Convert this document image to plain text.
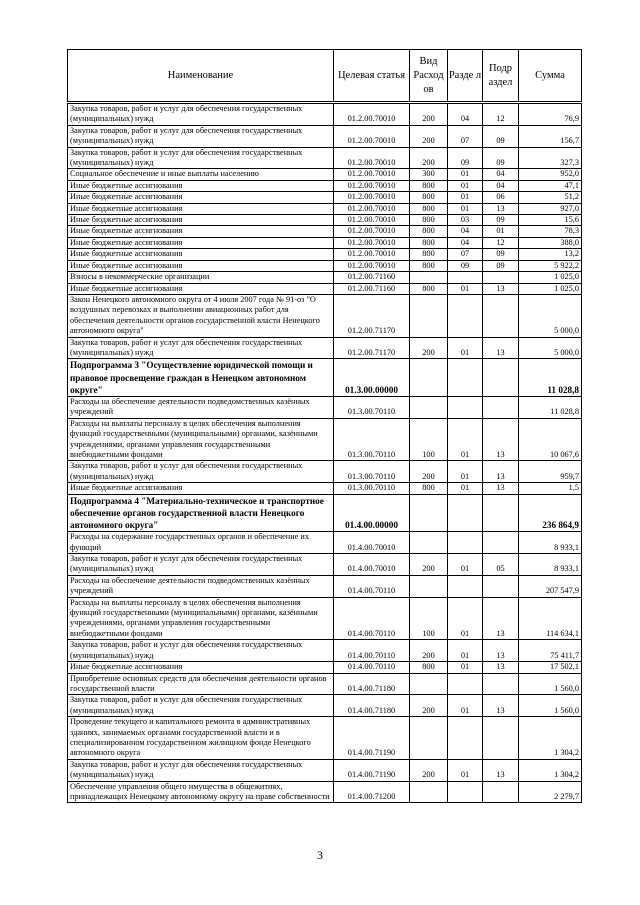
Наименование	Целевая статья	Вид Расход ов	Разде л	Подр аздел	Сумма
Закупка товаров, работ и услуг для обеспечения государственных (муниципальных) нужд	01.2.00.70010	200	04	12	76,9
Закупка товаров, работ и услуг для обеспечения государственных (муниципальных) нужд	01.2.00.70010	200	07	09	156,7
Закупка товаров, работ и услуг для обеспечения государственных (муниципальных) нужд	01.2.00.70010	200	09	09	327,3
Социальное обеспечение и иные выплаты населению	01.2.00.70010	300	01	04	952,0
Иные бюджетные ассигнования	01.2.00.70010	800	01	04	47,1
Иные бюджетные ассигнования	01.2.00.70010	800	01	06	51,2
Иные бюджетные ассигнования	01.2.00.70010	800	01	13	927,0
Иные бюджетные ассигнования	01.2.00.70010	800	03	09	15,6
Иные бюджетные ассигнования	01.2.00.70010	800	04	01	78,3
Иные бюджетные ассигнования	01.2.00.70010	800	04	12	388,0
Иные бюджетные ассигнования	01.2.00.70010	800	07	09	13,2
Иные бюджетные ассигнования	01.2.00.70010	800	09	09	5 922,2
Взносы в некоммерческие организации	01.2.00.71160				1 025,0
Иные бюджетные ассигнования	01.2.00.71160	800	01	13	1 025,0
Закон Ненецкого автономного округа от 4 июля 2007 года № 91-оз "О воздушных перевозках и выполнении авиационных работ для обеспечения деятельности органов государственной власти Ненецкого автономного округа"	01.2.00.71170				5 000,0
Закупка товаров, работ и услуг для обеспечения государственных (муниципальных) нужд	01.2.00.71170	200	01	13	5 000,0
Подпрограмма 3 "Осуществление юридической помощи и правовое просвещение граждан в Ненецком автономном округе"	01.3.00.00000				11 028,8
Расходы на обеспечение деятельности подведомственных казённых учреждений	01.3.00.70110				11 028,8
Расходы на выплаты персоналу в целях обеспечения выполнения функций государственными (муниципальными) органами, казёнными учреждениями, органами управления государственными внебюджетными фондами	01.3.00.70110	100	01	13	10 067,6
Закупка товаров, работ и услуг для обеспечения государственных (муниципальных) нужд	01.3.00.70110	200	01	13	959,7
Иные бюджетные ассигнования	01.3.00.70110	800	01	13	1,5
Подпрограмма 4 "Материально-техническое и транспортное обеспечение органов государственной власти Ненецкого автономного округа"	01.4.00.00000				236 864,9
Расходы на содержание государственных органов и обеспечение их функций	01.4.00.70010				8 933,1
Закупка товаров, работ и услуг для обеспечения государственных (муниципальных) нужд	01.4.00.70010	200	01	05	8 933,1
Расходы на обеспечение деятельности подведомственных казённых учреждений	01.4.00.70110				207 547,9
Расходы на выплаты персоналу в целях обеспечения выполнения функций государственными (муниципальными) органами, казёнными учреждениями, органами управления государственными внебюджетными фондами	01.4.00.70110	100	01	13	114 634,1
Закупка товаров, работ и услуг для обеспечения государственных (муниципальных) нужд	01.4.00.70110	200	01	13	75 411,7
Иные бюджетные ассигнования	01.4.00.70110	800	01	13	17 502,1
Приобретение основных средств для обеспечения деятельности органов государственной власти	01.4.00.71180				1 560,0
Закупка товаров, работ и услуг для обеспечения государственных (муниципальных) нужд	01.4.00.71180	200	01	13	1 560,0
Проведение текущего и капитального ремонта в административных зданиях, занимаемых органами государственной власти и в специализированном государственном жилищном фонде Ненецкого автономного округа	01.4.00.71190				1 304,2
Закупка товаров, работ и услуг для обеспечения государственных (муниципальных) нужд	01.4.00.71190	200	01	13	1 304,2
Обеспечение управления общего имущества в общежитиях, принадлежащих Ненецкому автономному округу на праве собственности	01.4.00.71200				2 279,7
3
